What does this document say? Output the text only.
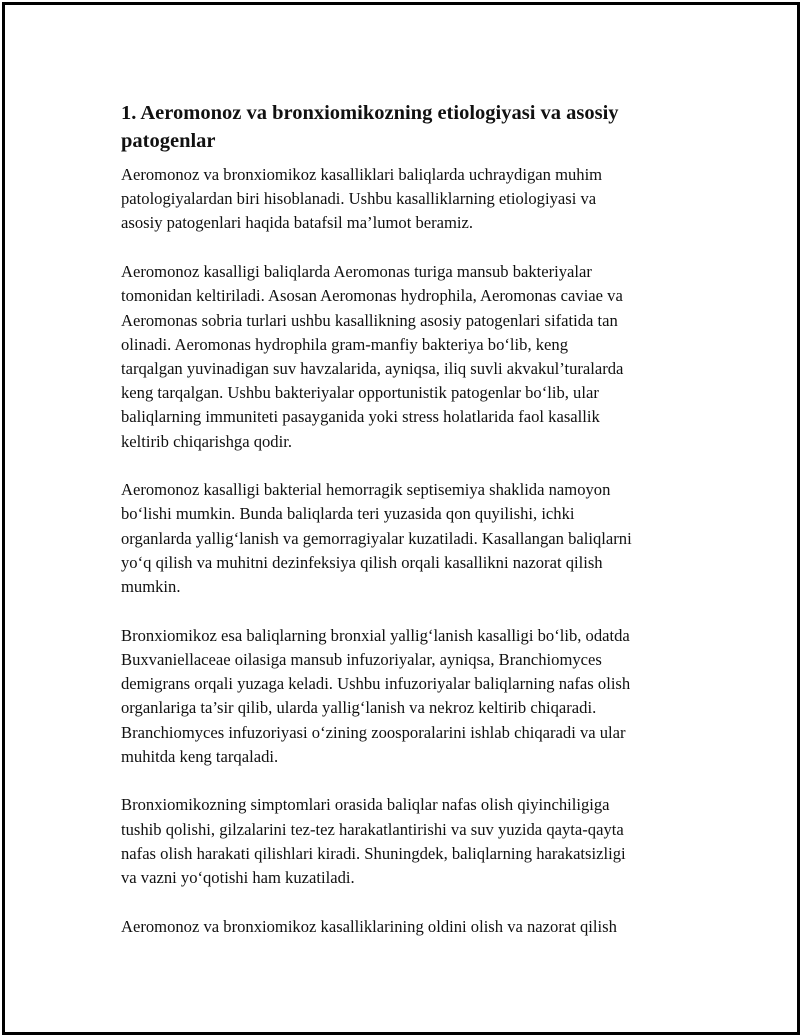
1. Aeromonoz va bronxiomikozning etiologiyasi va asosiy
patogenlar

Aeromonoz va bronxiomikoz kasalliklari baliqlarda uchraydigan muhim
patologiyalardan biri hisoblanadi. Ushbu kasalliklarning etiologiyasi va
asosiy patogenlari haqida batafsil ma’lumot beramiz.

Aeromonoz kasalligi baliqlarda Aeromonas turiga mansub bakteriyalar
tomonidan keltiriladi. Asosan Aeromonas hydrophila, Aeromonas caviae va
Aeromonas sobria turlari ushbu kasallikning asosiy patogenlari sifatida tan
olinadi. Aeromonas hydrophila gram-manfiy bakteriya bo‘lib, keng
tarqalgan yuvinadigan suv havzalarida, ayniqsa, iliq suvli akvakul’turalarda
keng tarqalgan. Ushbu bakteriyalar opportunistik patogenlar bo‘lib, ular
baliqlarning immuniteti pasayganida yoki stress holatlarida faol kasallik
keltirib chiqarishga qodir.

Aeromonoz kasalligi bakterial hemorragik septisemiya shaklida namoyon
bo‘lishi mumkin. Bunda baliqlarda teri yuzasida qon quyilishi, ichki
organlarda yallig‘lanish va gemorragiyalar kuzatiladi. Kasallangan baliqlarni
yo‘q qilish va muhitni dezinfeksiya qilish orqali kasallikni nazorat qilish
mumkin.

Bronxiomikoz esa baliqlarning bronxial yallig‘lanish kasalligi bo‘lib, odatda
Buxvaniellaceae oilasiga mansub infuzoriyalar, ayniqsa, Branchiomyces
demigrans orqali yuzaga keladi. Ushbu infuzoriyalar baliqlarning nafas olish
organlariga ta’sir qilib, ularda yallig‘lanish va nekroz keltirib chiqaradi.
Branchiomyces infuzoriyasi o‘zining zoosporalarini ishlab chiqaradi va ular
muhitda keng tarqaladi.

Bronxiomikozning simptomlari orasida baliqlar nafas olish qiyinchiligiga
tushib qolishi, gilzalarini tez-tez harakatlantirishi va suv yuzida qayta-qayta
nafas olish harakati qilishlari kiradi. Shuningdek, baliqlarning harakatsizligi
va vazni yo‘qotishi ham kuzatiladi.

Aeromonoz va bronxiomikoz kasalliklarining oldini olish va nazorat qilish
